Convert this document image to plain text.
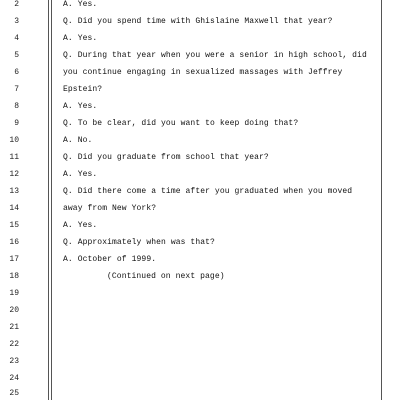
2	A. Yes.
3	Q. Did you spend time with Ghislaine Maxwell that year?
4	A. Yes.
5	Q. During that year when you were a senior in high school, did
6	you continue engaging in sexualized massages with Jeffrey
7	Epstein?
8	A. Yes.
9	Q. To be clear, did you want to keep doing that?
10	A. No.
11	Q. Did you graduate from school that year?
12	A. Yes.
13	Q. Did there come a time after you graduated when you moved
14	away from New York?
15	A. Yes.
16	Q. Approximately when was that?
17	A. October of 1999.
18	(Continued on next page)
19
20
21
22
23
24
25
